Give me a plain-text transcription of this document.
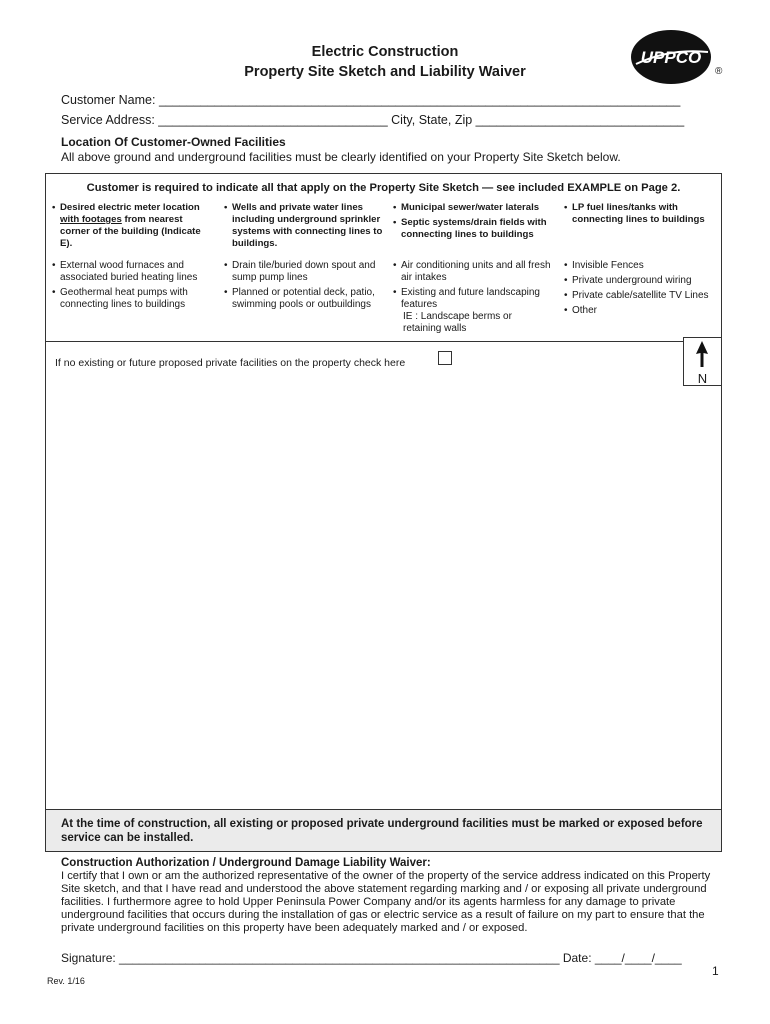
Electric Construction
Property Site Sketch and Liability Waiver
UPPCO
®
Customer Name: ___________________________________________________________________________
Service Address: _________________________________ City, State, Zip ______________________________
Location Of Customer-Owned Facilities
All above ground and underground facilities must be clearly identified on your Property Site Sketch below.
Customer is required to indicate all that apply on the Property Site Sketch — see included EXAMPLE on Page 2.
• Desired electric meter location with footages from nearest corner of the building (Indicate E).
• Wells and private water lines including underground sprinkler systems with connecting lines to buildings.
• Municipal sewer/water laterals
• Septic systems/drain fields with connecting lines to buildings
• LP fuel lines/tanks with connecting lines to buildings
• External wood furnaces and associated buried heating lines
• Geothermal heat pumps with connecting lines to buildings
• Drain tile/buried down spout and sump pump lines
• Planned or potential deck, patio, swimming pools or outbuildings
• Air conditioning units and all fresh air intakes
• Existing and future landscaping features
IE : Landscape berms or retaining walls
• Invisible Fences
• Private underground wiring
• Private cable/satellite TV Lines
• Other
If no existing or future proposed private facilities on the property check here
N
At the time of construction, all existing or proposed private underground facilities must be marked or exposed before service can be installed.
Construction Authorization / Underground Damage Liability Waiver:
I certify that I own or am the authorized representative of the owner of the property of the service address indicated on this Property Site sketch, and that I have read and understood the above statement regarding marking and / or exposing all private underground facilities. I furthermore agree to hold Upper Peninsula Power Company and/or its agents harmless for any damage to private underground facilities that occurs during the installation of gas or electric service as a result of failure on my part to ensure that the private underground facilities on this property have been adequately marked and / or exposed.
Signature: __________________________________________________________________ Date: ____/____/____
1
Rev. 1/16
